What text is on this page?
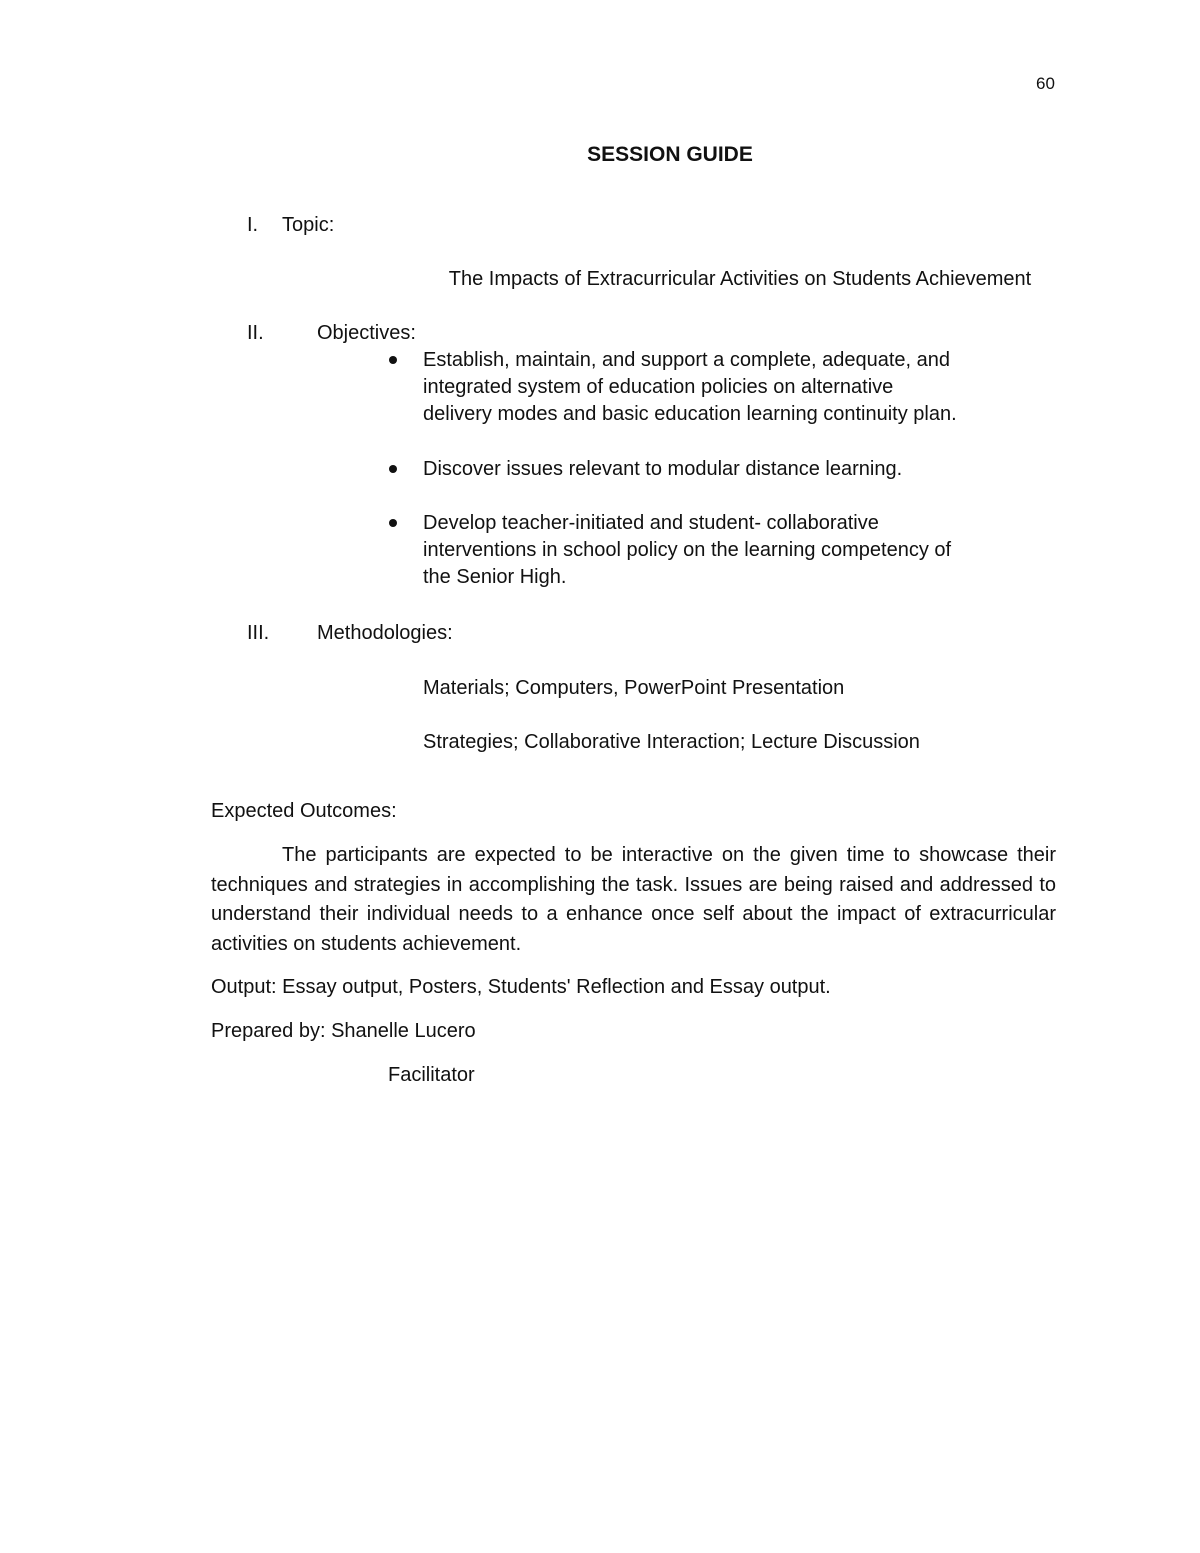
60

SESSION GUIDE

I. Topic:

The Impacts of Extracurricular Activities on Students Achievement

II.	Objectives:

Establish, maintain, and support a complete, adequate, and

integrated system of education policies on alternative

delivery modes and basic education learning continuity plan.

Discover issues relevant to modular distance learning.

Develop teacher-initiated and student- collaborative

interventions in school policy on the learning competency of

the Senior High.

III. Methodologies:

Materials; Computers, PowerPoint Presentation

Strategies; Collaborative Interaction; Lecture Discussion

Expected Outcomes:

The participants are expected to be interactive on the given time to showcase their techniques and strategies in accomplishing the task. Issues are being raised and addressed to understand their individual needs to a enhance once self about the impact of extracurricular activities on students achievement.

Output: Essay output, Posters, Students' Reflection and Essay output.

Prepared by: Shanelle Lucero

Facilitator
